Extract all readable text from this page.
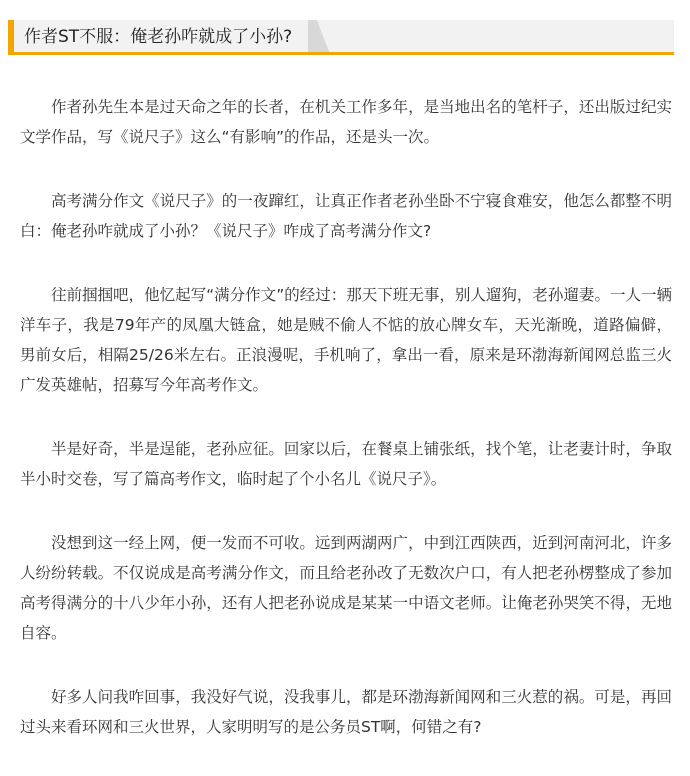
作者ST不服：俺老孙咋就成了小孙?

作者孙先生本是过天命之年的长者，在机关工作多年，是当地出名的笔杆子，还出版过纪实文学作品，写《说尺子》这么“有影响”的作品，还是头一次。

高考满分作文《说尺子》的一夜蹿红，让真正作者老孙坐卧不宁寝食难安，他怎么都整不明白：俺老孙咋就成了小孙？《说尺子》咋成了高考满分作文?

往前掴掴吧，他忆起写“满分作文”的经过：那天下班无事，别人遛狗，老孙遛妻。一人一辆洋车子，我是79年产的凤凰大链盒，她是贼不偷人不惦的放心牌女车，天光渐晚，道路偏僻，男前女后，相隔25/26米左右。正浪漫呢，手机响了，拿出一看，原来是环渤海新闻网总监三火广发英雄帖，招募写今年高考作文。

半是好奇，半是逞能，老孙应征。回家以后，在餐桌上铺张纸，找个笔，让老妻计时，争取半小时交卷，写了篇高考作文，临时起了个小名儿《说尺子》。

没想到这一经上网，便一发而不可收。远到两湖两广，中到江西陕西，近到河南河北，许多人纷纷转载。不仅说成是高考满分作文，而且给老孙改了无数次户口，有人把老孙楞整成了参加高考得满分的十八少年小孙，还有人把老孙说成是某某一中语文老师。让俺老孙哭笑不得，无地自容。

好多人问我咋回事，我没好气说，没我事儿，都是环渤海新闻网和三火惹的祸。可是，再回过头来看环网和三火世界，人家明明写的是公务员ST啊，何错之有?
